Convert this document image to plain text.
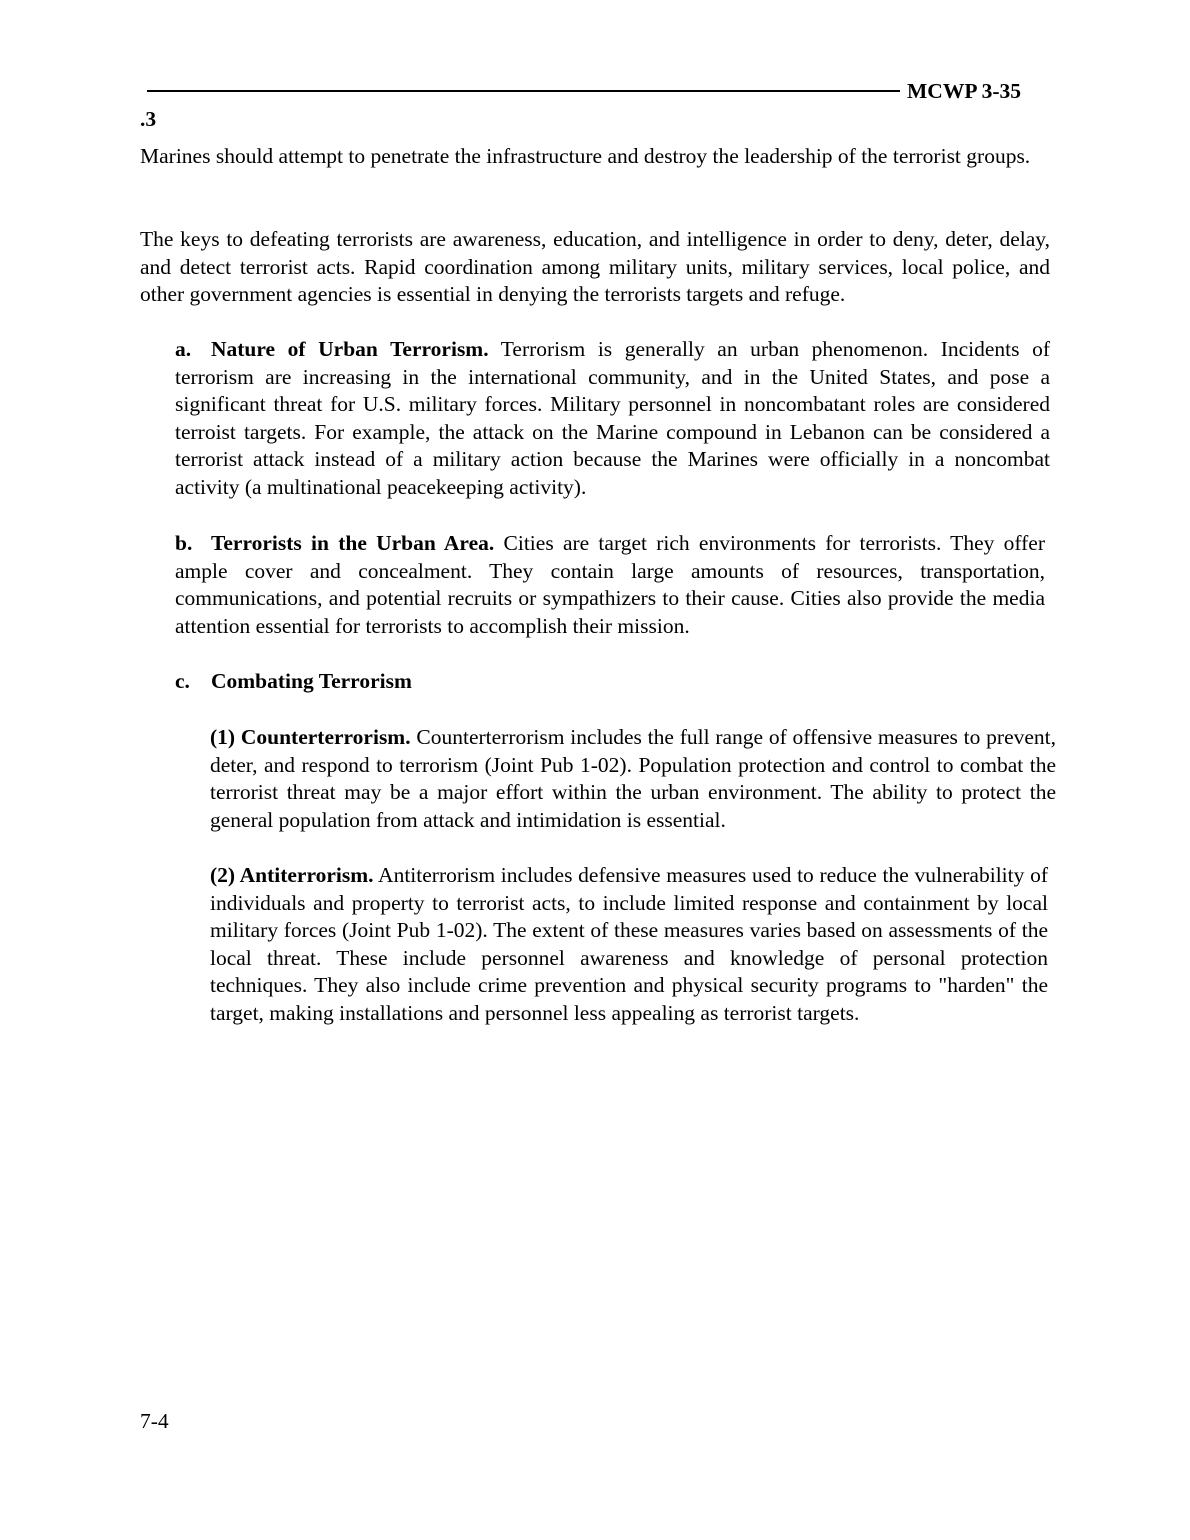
MCWP 3-35
.3

Marines should attempt to penetrate the infrastructure and destroy the leadership of the terrorist groups.

The keys to defeating terrorists are awareness, education, and intelligence in order to deny, deter, delay, and detect terrorist acts. Rapid coordination among military units, military services, local police, and other government agencies is essential in denying the terrorists targets and refuge.

a. Nature of Urban Terrorism. Terrorism is generally an urban phenomenon. Incidents of terrorism are increasing in the international community, and in the United States, and pose a significant threat for U.S. military forces. Military personnel in noncombatant roles are considered terroist targets. For example, the attack on the Marine compound in Lebanon can be considered a terrorist attack instead of a military action because the Marines were officially in a noncombat activity (a multinational peacekeeping activity).

b. Terrorists in the Urban Area. Cities are target rich environments for terrorists. They offer ample cover and concealment. They contain large amounts of resources, transportation, communications, and potential recruits or sympathizers to their cause. Cities also provide the media attention essential for terrorists to accomplish their mission.

c. Combating Terrorism

(1) Counterterrorism. Counterterrorism includes the full range of offensive measures to prevent, deter, and respond to terrorism (Joint Pub 1-02). Population protection and control to combat the terrorist threat may be a major effort within the urban environment. The ability to protect the general population from attack and intimidation is essential.

(2) Antiterrorism. Antiterrorism includes defensive measures used to reduce the vulnerability of individuals and property to terrorist acts, to include limited response and containment by local military forces (Joint Pub 1-02). The extent of these measures varies based on assessments of the local threat. These include personnel awareness and knowledge of personal protection techniques. They also include crime prevention and physical security programs to "harden" the target, making installations and personnel less appealing as terrorist targets.

7-4
